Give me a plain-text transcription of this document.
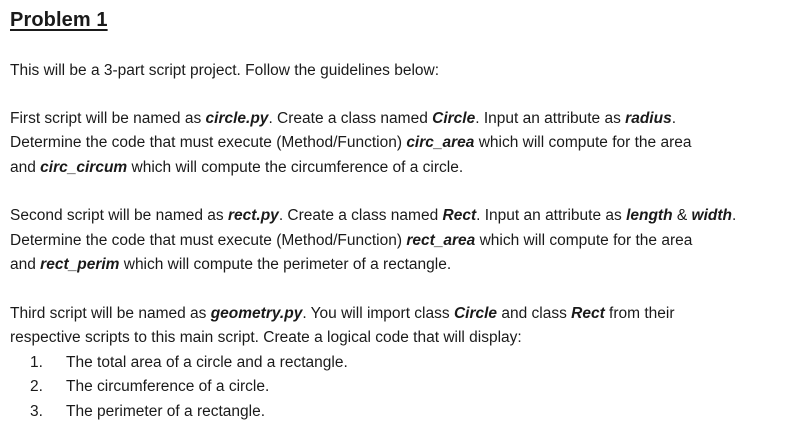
Problem 1

This will be a 3-part script project. Follow the guidelines below:

First script will be named as circle.py. Create a class named Circle. Input an attribute as radius.
Determine the code that must execute (Method/Function) circ_area which will compute for the area
and circ_circum which will compute the circumference of a circle.

Second script will be named as rect.py. Create a class named Rect. Input an attribute as length & width.
Determine the code that must execute (Method/Function) rect_area which will compute for the area
and rect_perim which will compute the perimeter of a rectangle.

Third script will be named as geometry.py. You will import class Circle and class Rect from their
respective scripts to this main script. Create a logical code that will display:

1. The total area of a circle and a rectangle.
2. The circumference of a circle.
3. The perimeter of a rectangle.
